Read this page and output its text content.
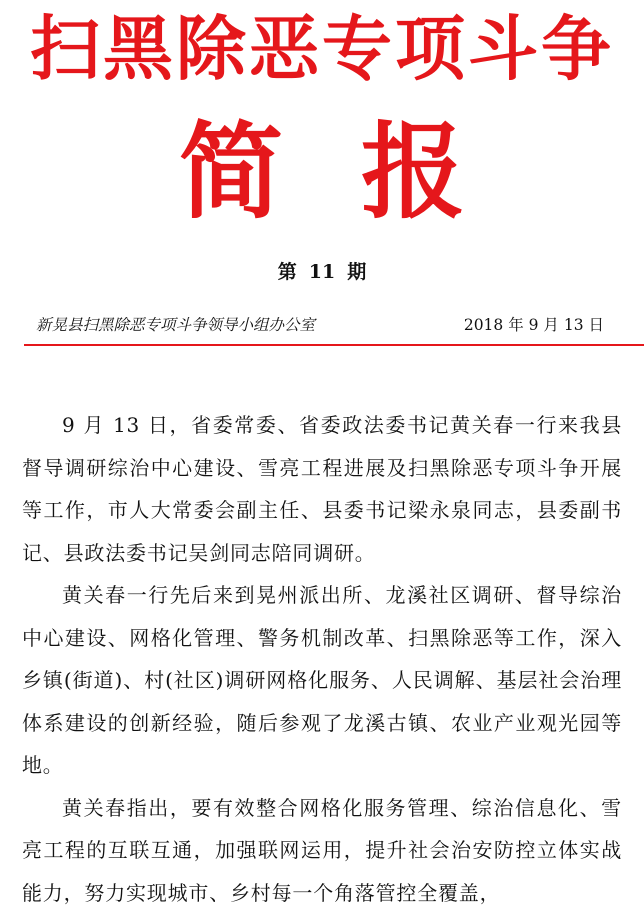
扫黑除恶专项斗争
简报
第 11 期
新晃县扫黑除恶专项斗争领导小组办公室	2018 年 9 月 13 日

9 月 13 日，省委常委、省委政法委书记黄关春一行来我县督导调研综治中心建设、雪亮工程进展及扫黑除恶专项斗争开展等工作，市人大常委会副主任、县委书记梁永泉同志，县委副书记、县政法委书记吴剑同志陪同调研。

黄关春一行先后来到晃州派出所、龙溪社区调研、督导综治中心建设、网格化管理、警务机制改革、扫黑除恶等工作，深入乡镇(街道)、村(社区)调研网格化服务、人民调解、基层社会治理体系建设的创新经验，随后参观了龙溪古镇、农业产业观光园等地。

黄关春指出，要有效整合网格化服务管理、综治信息化、雪亮工程的互联互通，加强联网运用，提升社会治安防控立体实战能力，努力实现城市、乡村每一个角落管控全覆盖，
